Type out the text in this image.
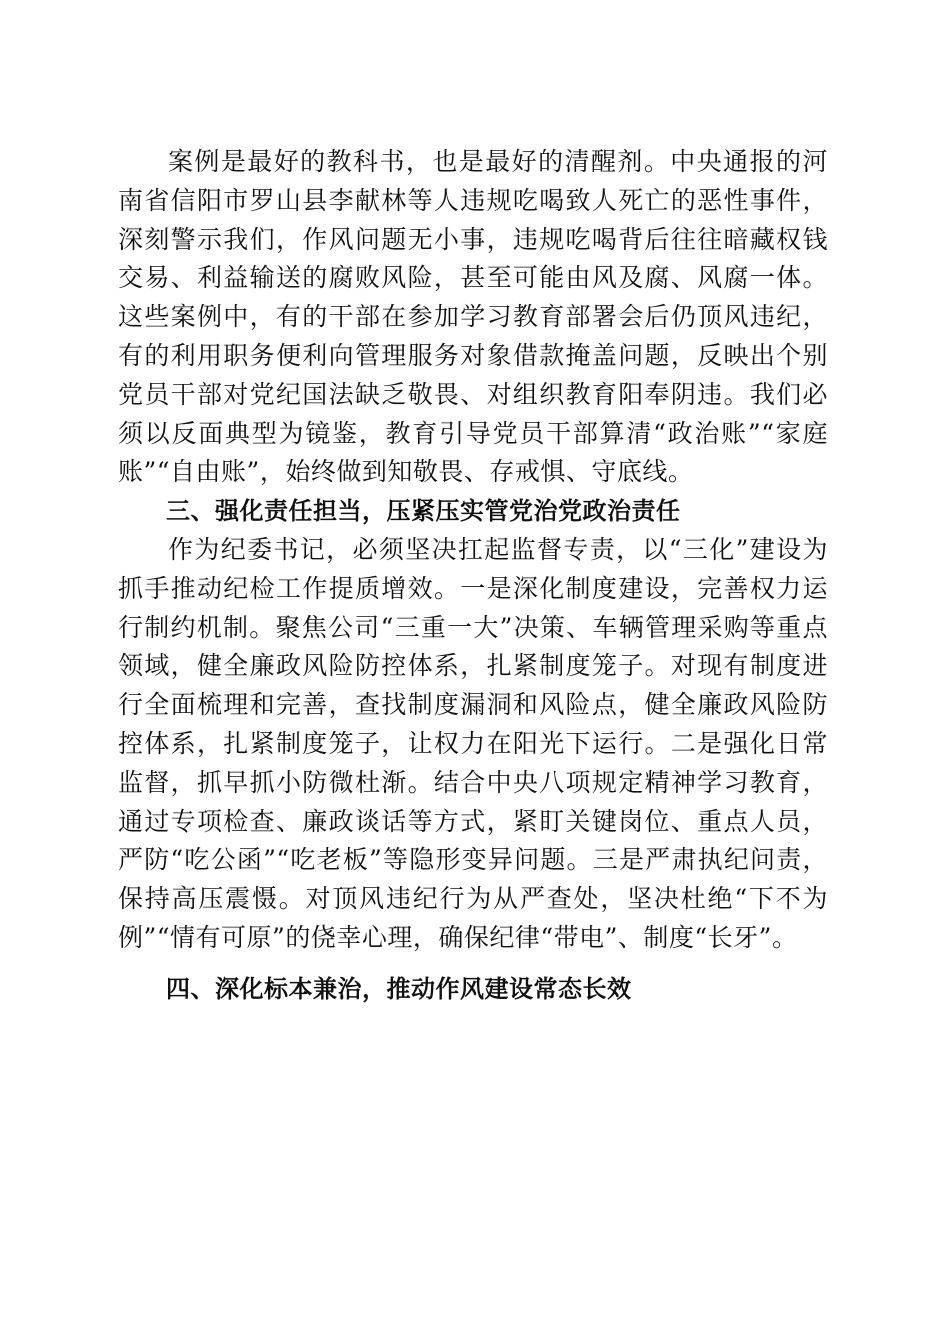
案例是最好的教科书，也是最好的清醒剂。中央通报的河南省信阳市罗山县李献林等人违规吃喝致人死亡的恶性事件，深刻警示我们，作风问题无小事，违规吃喝背后往往暗藏权钱交易、利益输送的腐败风险，甚至可能由风及腐、风腐一体。这些案例中，有的干部在参加学习教育部署会后仍顶风违纪，有的利用职务便利向管理服务对象借款掩盖问题，反映出个别党员干部对党纪国法缺乏敬畏、对组织教育阳奉阴违。我们必须以反面典型为镜鉴，教育引导党员干部算清“政治账”“家庭账”“自由账”，始终做到知敬畏、存戒惧、守底线。

三、强化责任担当，压紧压实管党治党政治责任

作为纪委书记，必须坚决扛起监督专责，以“三化”建设为抓手推动纪检工作提质增效。一是深化制度建设，完善权力运行制约机制。聚焦公司“三重一大”决策、车辆管理采购等重点领域，健全廉政风险防控体系，扎紧制度笼子。对现有制度进行全面梳理和完善，查找制度漏洞和风险点，健全廉政风险防控体系，扎紧制度笼子，让权力在阳光下运行。二是强化日常监督，抓早抓小防微杜渐。结合中央八项规定精神学习教育，通过专项检查、廉政谈话等方式，紧盯关键岗位、重点人员，严防“吃公函”“吃老板”等隐形变异问题。三是严肃执纪问责，保持高压震慑。对顶风违纪行为从严查处，坚决杜绝“下不为例”“情有可原”的侥幸心理，确保纪律“带电”、制度“长牙”。

四、深化标本兼治，推动作风建设常态长效
